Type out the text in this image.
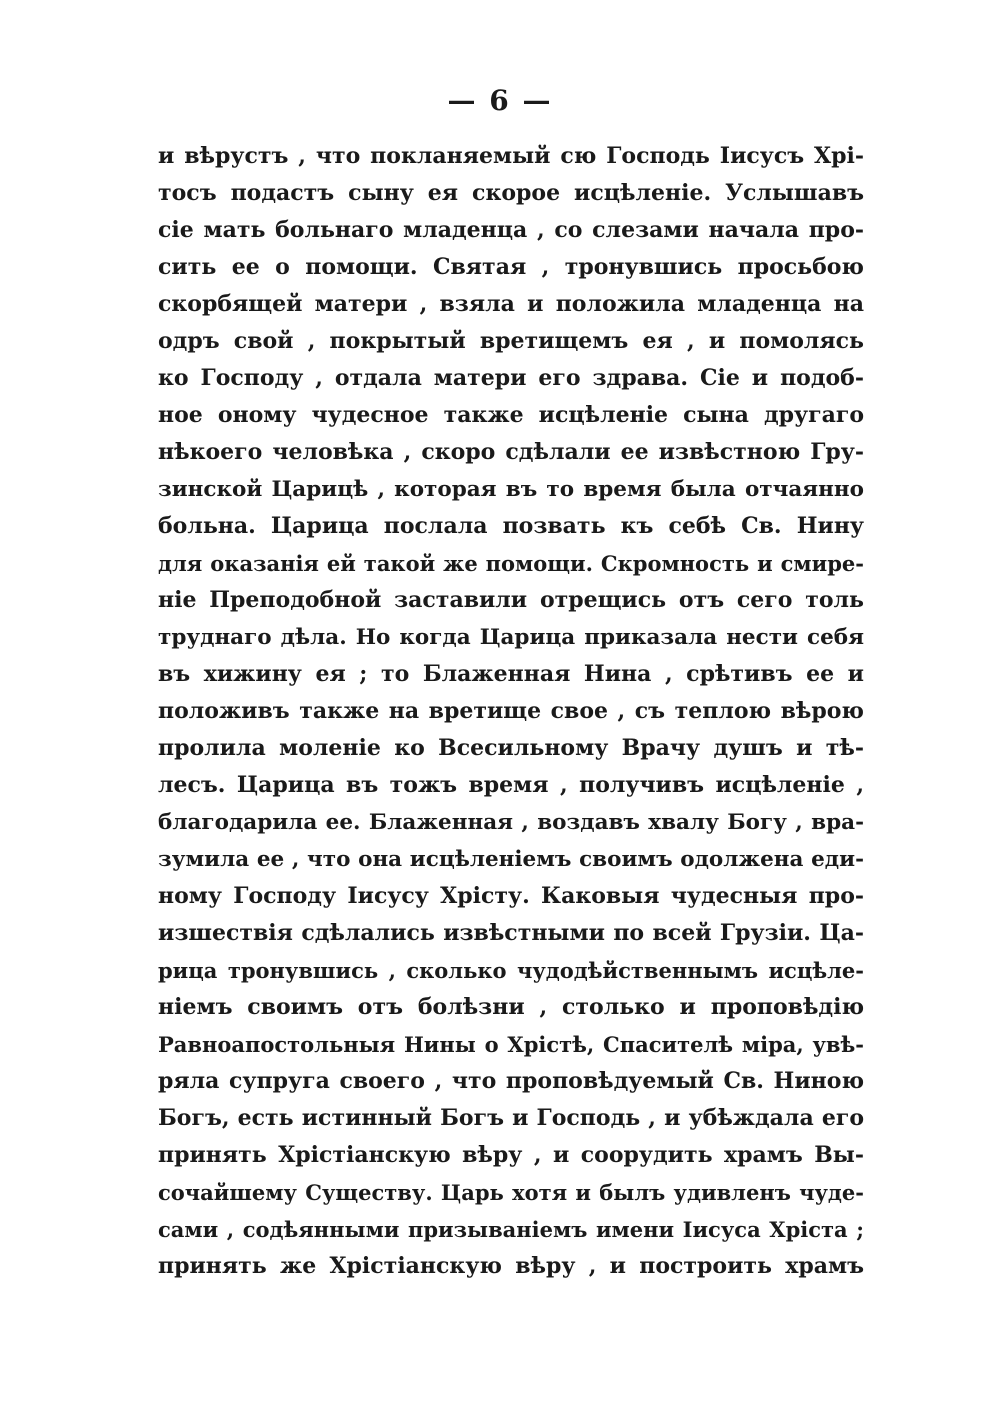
— 6 —
и вѣрустъ , что покланяемый сю Господь Іисусъ Хрі-
тосъ подастъ сыну ея скорое исцѣленіе. Услышавъ
сіе мать больнаго младенца , со слезами начала про-
сить ее о помощи. Святая , тронувшись просьбою
скорбящей матери , взяла и положила младенца на
одръ свой , покрытый вретищемъ ея , и помолясь
ко Господу , отдала матери его здрава. Сіе и подоб-
ное оному чудесное также исцѣленіе сына другаго
нѣкоего человѣка , скоро сдѣлали ее извѣстною Гру-
зинской Царицѣ , которая въ то время была отчаянно
больна. Царица послала позвать къ себѣ Св. Нину
для оказанія ей такой же помощи. Скромность и смире-
ніе Преподобной заставили отрещись отъ сего толь
труднаго дѣла. Но когда Царица приказала нести себя
въ хижину ея ; то Блаженная Нина , срѣтивъ ее и
положивъ также на вретище свое , съ теплою вѣрою
пролила моленіе ко Всесильному Врачу душъ и тѣ-
лесъ. Царица въ тожъ время , получивъ исцѣленіе ,
благодарила ее. Блаженная , воздавъ хвалу Богу , вра-
зумила ее , что она исцѣленіемъ своимъ одолжена еди-
ному Господу Іисусу Хрісту. Каковыя чудесныя про-
изшествія сдѣлались извѣстными по всей Грузіи. Ца-
рица тронувшись , сколько чудодѣйственнымъ исцѣле-
ніемъ своимъ отъ болѣзни , столько и проповѣдію
Равноапостольныя Нины о Хрістѣ, Спасителѣ міра, увѣ-
ряла супруга своего , что проповѣдуемый Св. Ниною
Богъ, есть истинный Богъ и Господь , и убѣждала его
принять Хрістіанскую вѣру , и соорудить храмъ Вы-
сочайшему Существу. Царь хотя и былъ удивленъ чуде-
сами , содѣянными призываніемъ имени Іисуса Хріста ;
принять же Хрістіанскую вѣру , и построить храмъ
